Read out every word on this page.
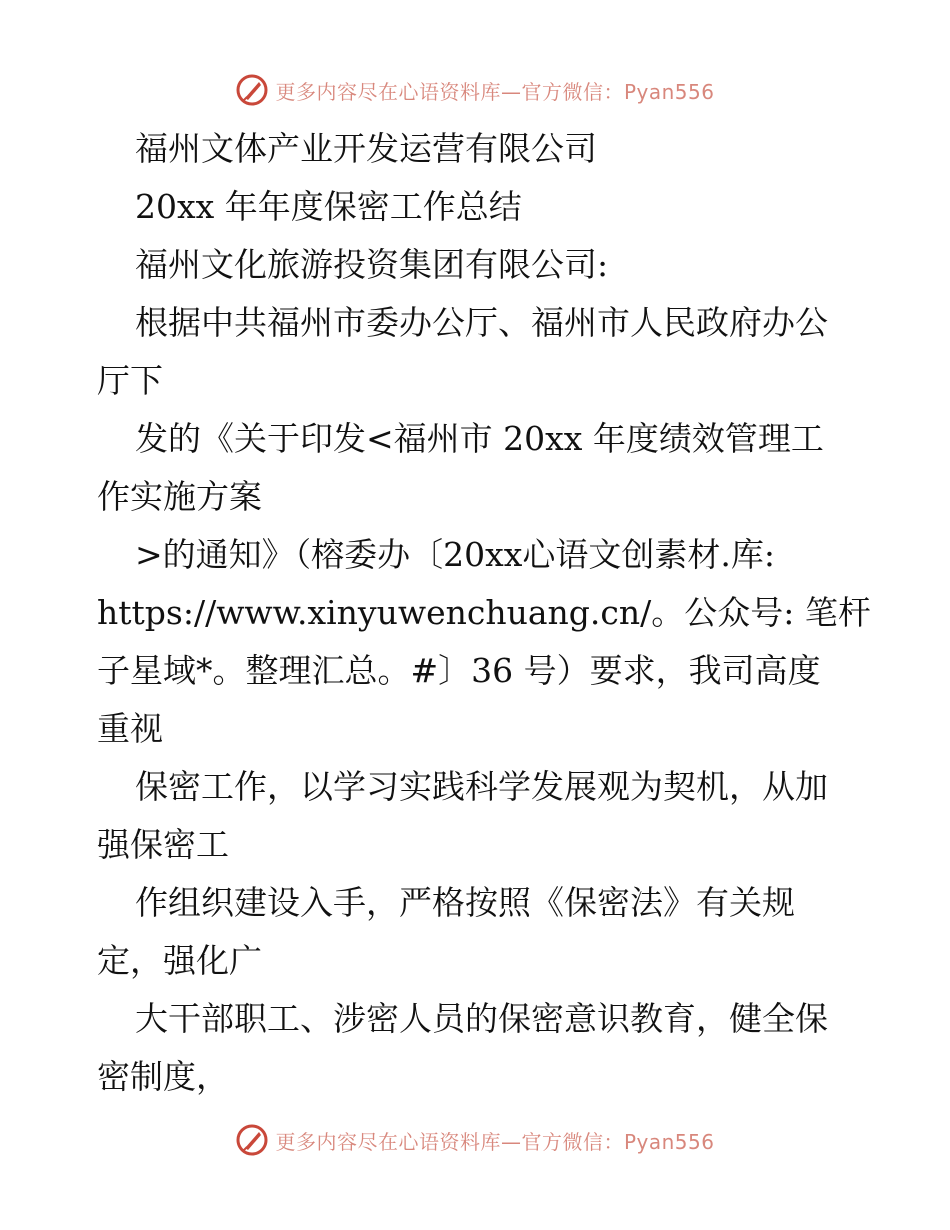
更多内容尽在心语资料库—官方微信：Pyan556
福州文体产业开发运营有限公司
20xx 年年度保密工作总结
福州文化旅游投资集团有限公司:
根据中共福州市委办公厅、福州市人民政府办公
厅下
发的《关于印发<福州市 20xx 年度绩效管理工
作实施方案
>的通知》（榕委办〔20xx心语文创素材.库:
https://www.xinyuwenchuang.cn/。公众号: 笔杆
子星域*。整理汇总。#〕36 号）要求，我司高度
重视
保密工作，以学习实践科学发展观为契机，从加
强保密工
作组织建设入手，严格按照《保密法》有关规
定，强化广
大干部职工、涉密人员的保密意识教育，健全保
密制度，
更多内容尽在心语资料库—官方微信：Pyan556
